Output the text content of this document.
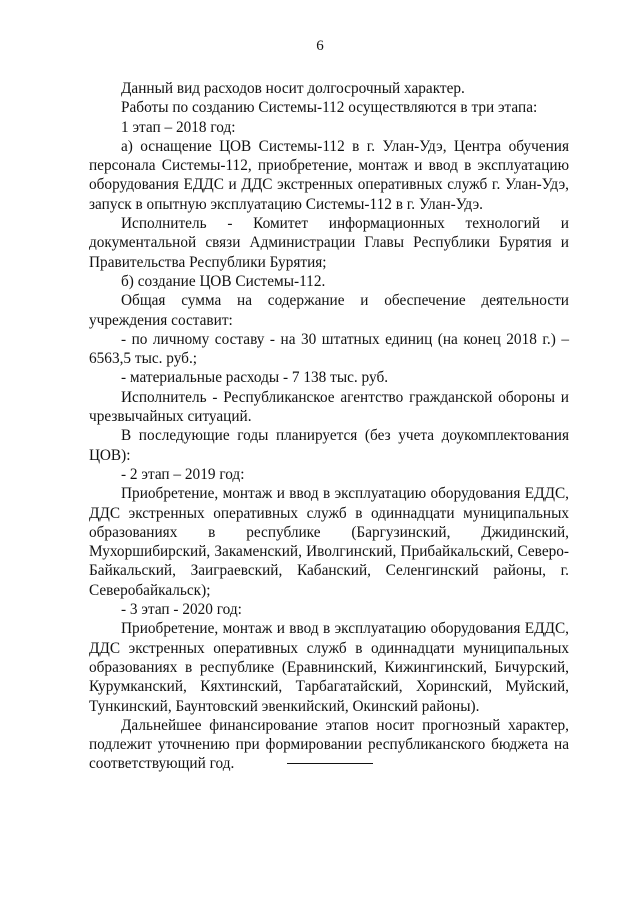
6

Данный вид расходов носит долгосрочный характер.

Работы по созданию Системы-112 осуществляются в три этапа:

1 этап – 2018 год:

а) оснащение ЦОВ Системы-112 в г. Улан-Удэ, Центра обучения персонала Системы-112, приобретение, монтаж и ввод в эксплуатацию оборудования ЕДДС и ДДС экстренных оперативных служб г. Улан-Удэ, запуск в опытную эксплуатацию Системы-112 в г. Улан-Удэ.

Исполнитель - Комитет информационных технологий и документальной связи Администрации Главы Республики Бурятия и Правительства Республики Бурятия;

б) создание ЦОВ Системы-112.

Общая сумма на содержание и обеспечение деятельности учреждения составит:

- по личному составу - на 30 штатных единиц (на конец 2018 г.) – 6563,5 тыс. руб.;

- материальные расходы - 7 138 тыс. руб.

Исполнитель - Республиканское агентство гражданской обороны и чрезвычайных ситуаций.

В последующие годы планируется (без учета доукомплектования ЦОВ):

- 2 этап – 2019 год:

Приобретение, монтаж и ввод в эксплуатацию оборудования ЕДДС, ДДС экстренных оперативных служб в одиннадцати муниципальных образованиях в республике (Баргузинский, Джидинский, Мухоршибирский, Закаменский, Иволгинский, Прибайкальский, Северо-Байкальский, Заиграевский, Кабанский, Селенгинский районы, г. Северобайкальск);

- 3 этап - 2020 год:

Приобретение, монтаж и ввод в эксплуатацию оборудования ЕДДС, ДДС экстренных оперативных служб в одиннадцати муниципальных образованиях в республике (Еравнинский, Кижингинский, Бичурский, Курумканский, Кяхтинский, Тарбагатайский, Хоринский, Муйский, Тункинский, Баунтовский эвенкийский, Окинский районы).

Дальнейшее финансирование этапов носит прогнозный характер, подлежит уточнению при формировании республиканского бюджета на соответствующий год.
